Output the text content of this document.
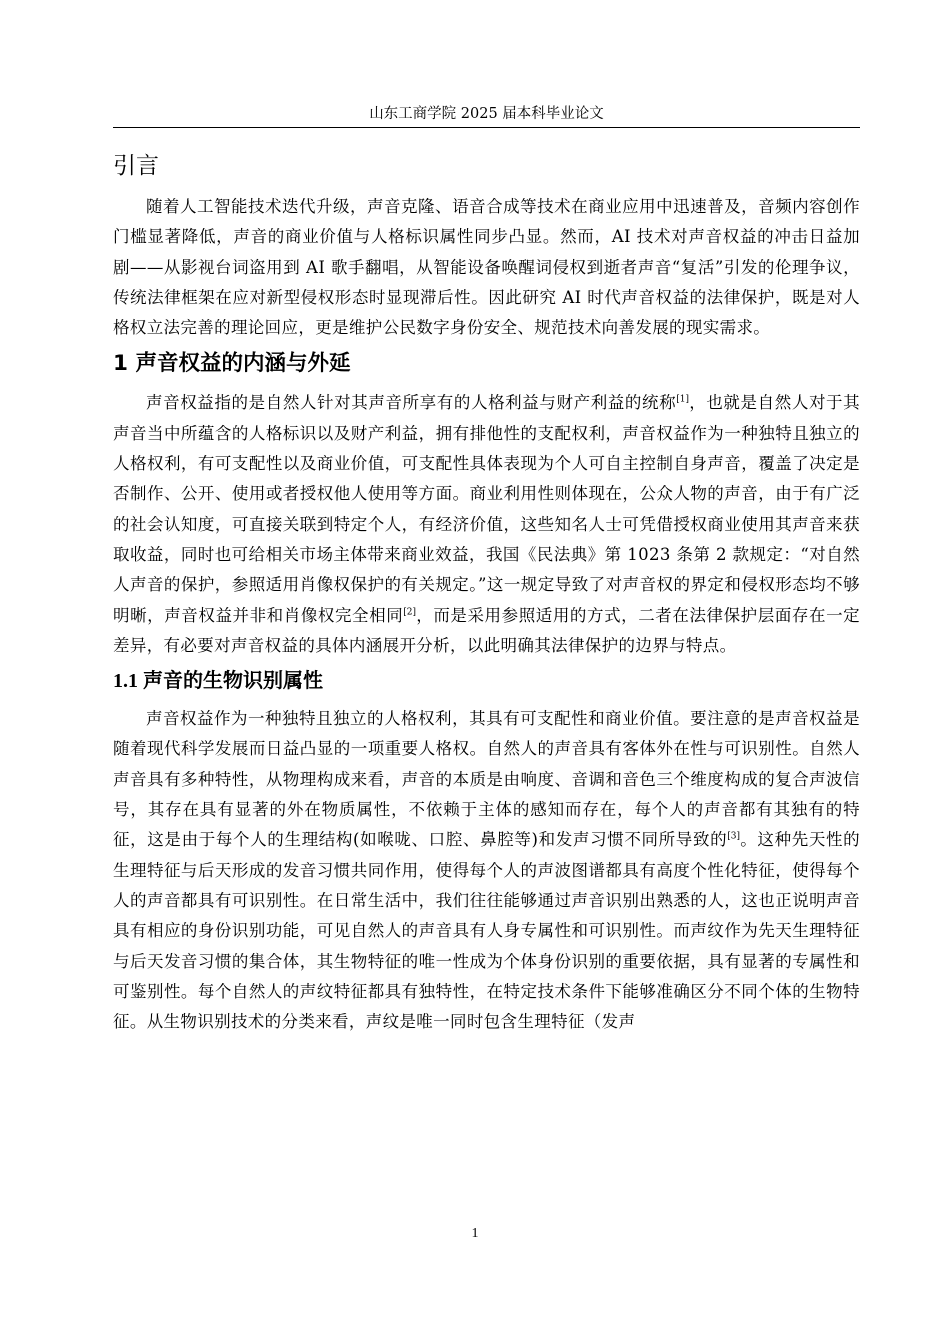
山东工商学院 2025 届本科毕业论文
引言

随着人工智能技术迭代升级，声音克隆、语音合成等技术在商业应用中迅速普及，音频内容创作门槛显著降低，声音的商业价值与人格标识属性同步凸显。然而，AI 技术对声音权益的冲击日益加剧——从影视台词盗用到 AI 歌手翻唱，从智能设备唤醒词侵权到逝者声音“复活”引发的伦理争议，传统法律框架在应对新型侵权形态时显现滞后性。因此研究 AI 时代声音权益的法律保护，既是对人格权立法完善的理论回应，更是维护公民数字身份安全、规范技术向善发展的现实需求。

1 声音权益的内涵与外延

声音权益指的是自然人针对其声音所享有的人格利益与财产利益的统称[1]，也就是自然人对于其声音当中所蕴含的人格标识以及财产利益，拥有排他性的支配权利，声音权益作为一种独特且独立的人格权利，有可支配性以及商业价值，可支配性具体表现为个人可自主控制自身声音，覆盖了决定是否制作、公开、使用或者授权他人使用等方面。商业利用性则体现在，公众人物的声音，由于有广泛的社会认知度，可直接关联到特定个人，有经济价值，这些知名人士可凭借授权商业使用其声音来获取收益，同时也可给相关市场主体带来商业效益，我国《民法典》第 1023 条第 2 款规定：“对自然人声音的保护，参照适用肖像权保护的有关规定。”这一规定导致了对声音权的界定和侵权形态均不够明晰，声音权益并非和肖像权完全相同[2]，而是采用参照适用的方式，二者在法律保护层面存在一定差异，有必要对声音权益的具体内涵展开分析，以此明确其法律保护的边界与特点。

1.1 声音的生物识别属性

声音权益作为一种独特且独立的人格权利，其具有可支配性和商业价值。要注意的是声音权益是随着现代科学发展而日益凸显的一项重要人格权。自然人的声音具有客体外在性与可识别性。自然人声音具有多种特性，从物理构成来看，声音的本质是由响度、音调和音色三个维度构成的复合声波信号，其存在具有显著的外在物质属性，不依赖于主体的感知而存在，每个人的声音都有其独有的特征，这是由于每个人的生理结构(如喉咙、口腔、鼻腔等)和发声习惯不同所导致的[3]。这种先天性的生理特征与后天形成的发音习惯共同作用，使得每个人的声波图谱都具有高度个性化特征，使得每个人的声音都具有可识别性。在日常生活中，我们往往能够通过声音识别出熟悉的人，这也正说明声音具有相应的身份识别功能，可见自然人的声音具有人身专属性和可识别性。而声纹作为先天生理特征与后天发音习惯的集合体，其生物特征的唯一性成为个体身份识别的重要依据，具有显著的专属性和可鉴别性。每个自然人的声纹特征都具有独特性，在特定技术条件下能够准确区分不同个体的生物特征。从生物识别技术的分类来看，声纹是唯一同时包含生理特征（发声

1
